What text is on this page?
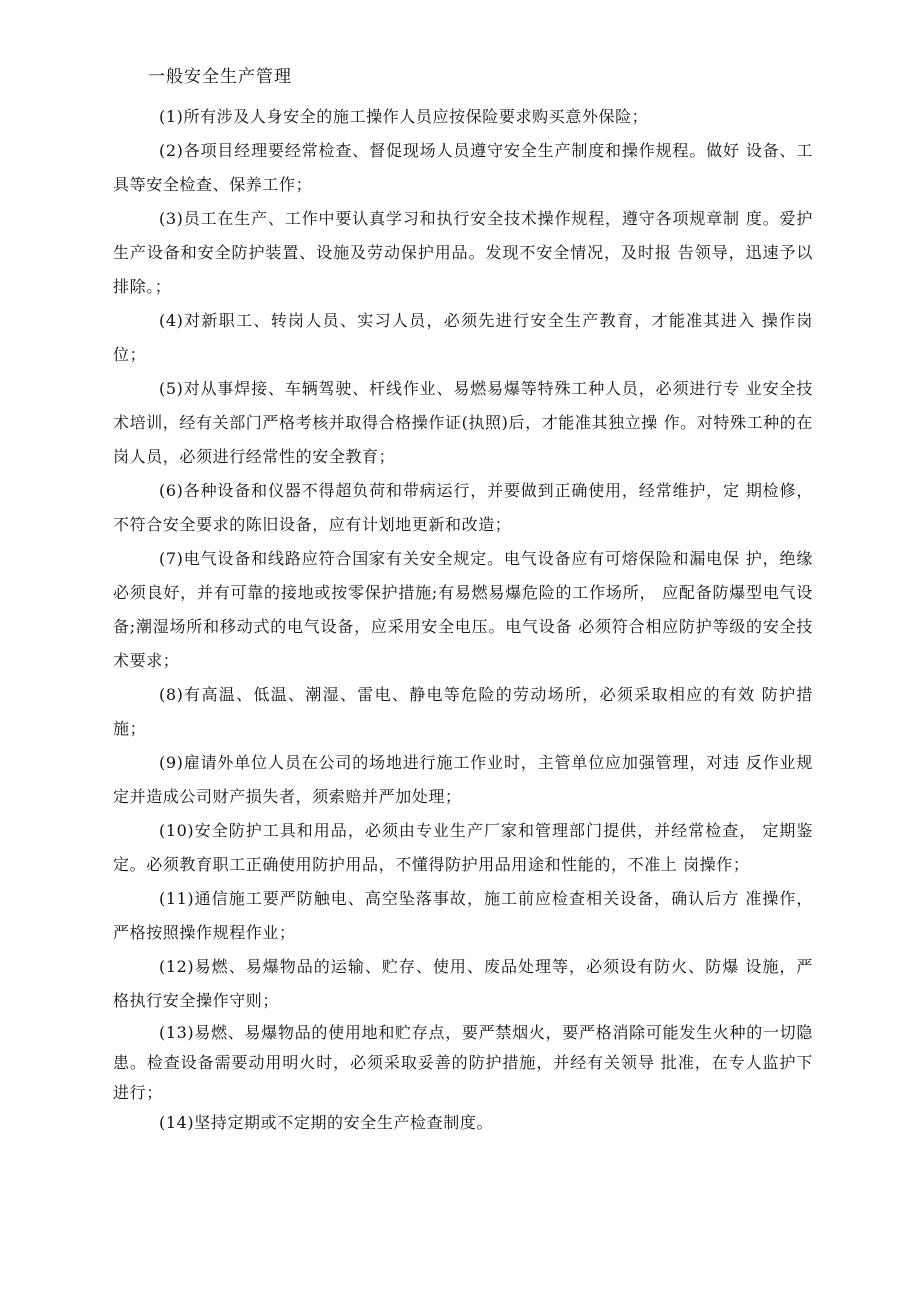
一般安全生产管理

(1)所有涉及人身安全的施工操作人员应按保险要求购买意外保险；

(2)各项目经理要经常检查、督促现场人员遵守安全生产制度和操作规程。做好 设备、工具等安全检查、保养工作；

(3)员工在生产、工作中要认真学习和执行安全技术操作规程，遵守各项规章制 度。爱护生产设备和安全防护装置、设施及劳动保护用品。发现不安全情况，及时报 告领导，迅速予以排除。；

(4)对新职工、转岗人员、实习人员，必须先进行安全生产教育，才能准其进入 操作岗位；

(5)对从事焊接、车辆驾驶、杆线作业、易燃易爆等特殊工种人员，必须进行专 业安全技术培训，经有关部门严格考核并取得合格操作证(执照)后，才能准其独立操 作。对特殊工种的在岗人员，必须进行经常性的安全教育；

(6)各种设备和仪器不得超负荷和带病运行，并要做到正确使用，经常维护，定 期检修，不符合安全要求的陈旧设备，应有计划地更新和改造；

(7)电气设备和线路应符合国家有关安全规定。电气设备应有可熔保险和漏电保 护，绝缘必须良好，并有可靠的接地或按零保护措施;有易燃易爆危险的工作场所， 应配备防爆型电气设备;潮湿场所和移动式的电气设备，应采用安全电压。电气设备 必须符合相应防护等级的安全技术要求；

(8)有高温、低温、潮湿、雷电、静电等危险的劳动场所，必须采取相应的有效 防护措施；

(9)雇请外单位人员在公司的场地进行施工作业时，主管单位应加强管理，对违 反作业规定并造成公司财产损失者，须索赔并严加处理；

(10)安全防护工具和用品，必须由专业生产厂家和管理部门提供，并经常检查， 定期鉴定。必须教育职工正确使用防护用品，不懂得防护用品用途和性能的，不准上 岗操作；

(11)通信施工要严防触电、高空坠落事故，施工前应检查相关设备，确认后方 准操作，严格按照操作规程作业；

(12)易燃、易爆物品的运输、贮存、使用、废品处理等，必须设有防火、防爆 设施，严格执行安全操作守则；

(13)易燃、易爆物品的使用地和贮存点，要严禁烟火，要严格消除可能发生火种的一切隐患。检查设备需要动用明火时，必须采取妥善的防护措施，并经有关领导 批准，在专人监护下进行；

(14)坚持定期或不定期的安全生产检查制度。
